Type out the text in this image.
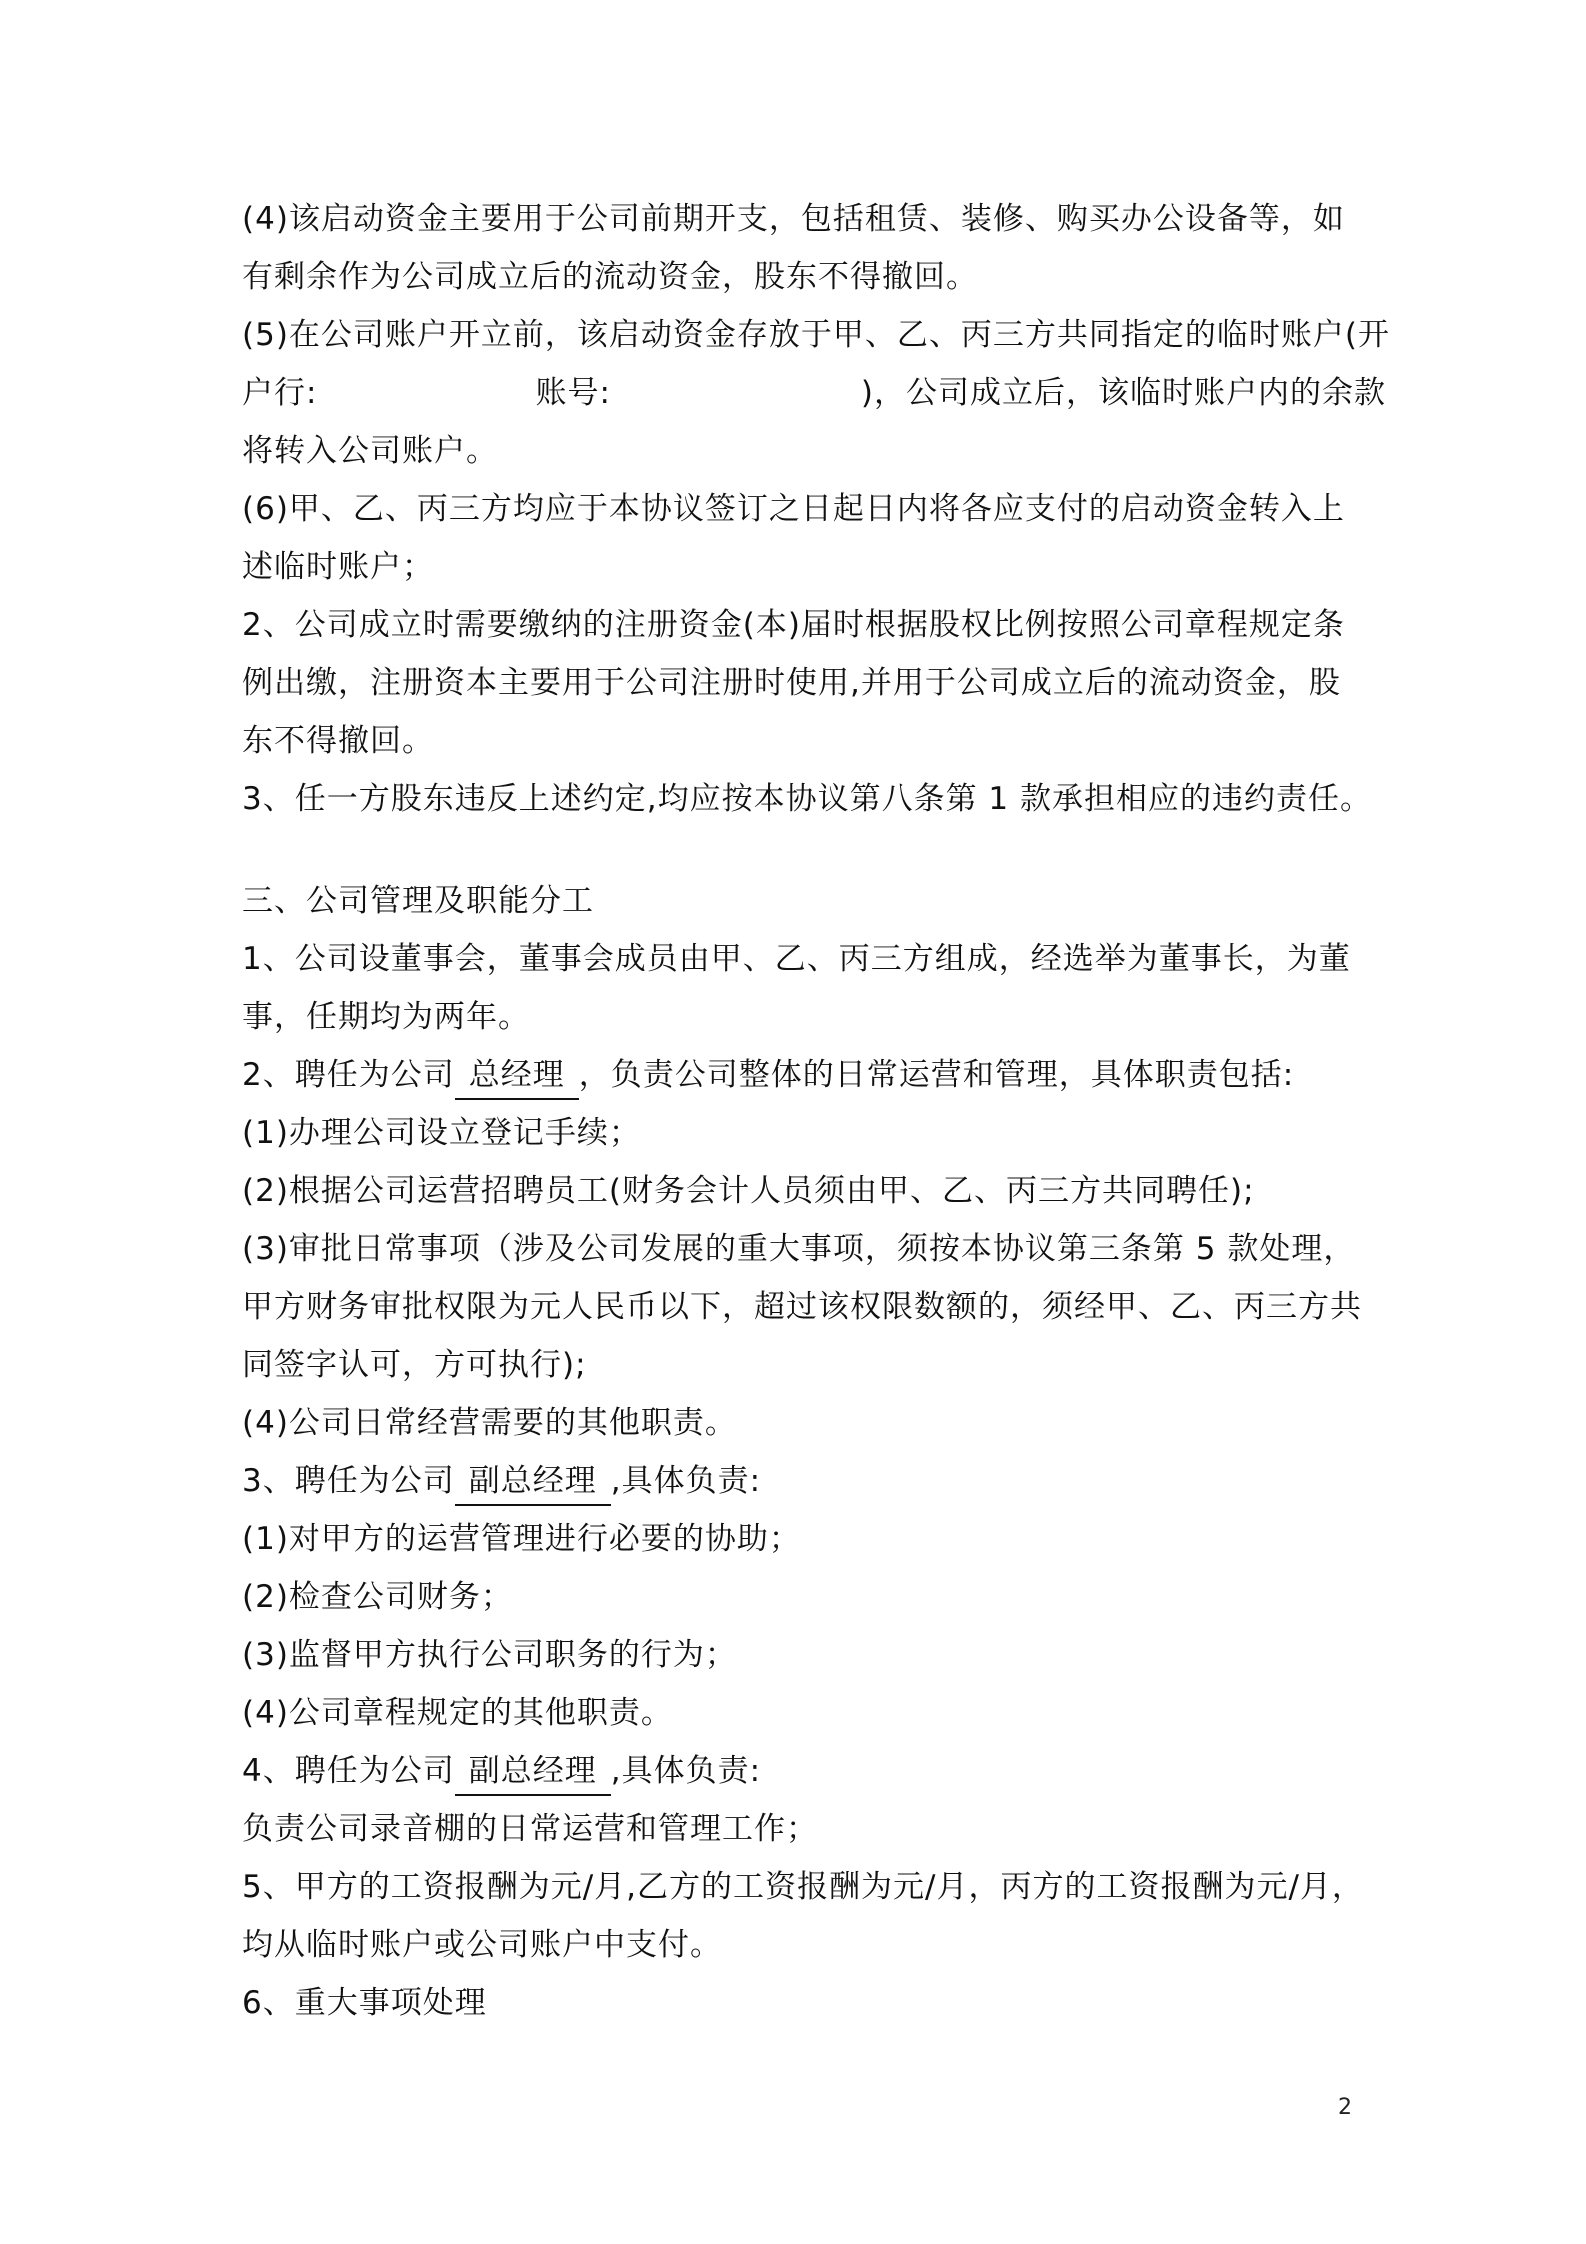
(4)该启动资金主要用于公司前期开支，包括租赁、装修、购买办公设备等，如
有剩余作为公司成立后的流动资金，股东不得撤回。
(5)在公司账户开立前，该启动资金存放于甲、乙、丙三方共同指定的临时账户(开
户行:	账号:	)，公司成立后，该临时账户内的余款
将转入公司账户。
(6)甲、乙、丙三方均应于本协议签订之日起日内将各应支付的启动资金转入上
述临时账户；
2、公司成立时需要缴纳的注册资金(本)届时根据股权比例按照公司章程规定条
例出缴，注册资本主要用于公司注册时使用,并用于公司成立后的流动资金，股
东不得撤回。
3、任一方股东违反上述约定,均应按本协议第八条第 1 款承担相应的违约责任。
三、公司管理及职能分工
1、公司设董事会，董事会成员由甲、乙、丙三方组成，经选举为董事长，为董
事，任期均为两年。
2、聘任为公司 总经理 ，负责公司整体的日常运营和管理，具体职责包括:
(1)办理公司设立登记手续；
(2)根据公司运营招聘员工(财务会计人员须由甲、乙、丙三方共同聘任);
(3)审批日常事项（涉及公司发展的重大事项，须按本协议第三条第 5 款处理，
甲方财务审批权限为元人民币以下，超过该权限数额的，须经甲、乙、丙三方共
同签字认可，方可执行);
(4)公司日常经营需要的其他职责。
3、聘任为公司 副总经理 ,具体负责:
(1)对甲方的运营管理进行必要的协助；
(2)检查公司财务；
(3)监督甲方执行公司职务的行为；
(4)公司章程规定的其他职责。
4、聘任为公司 副总经理 ,具体负责:
负责公司录音棚的日常运营和管理工作；
5、甲方的工资报酬为元/月,乙方的工资报酬为元/月，丙方的工资报酬为元/月，
均从临时账户或公司账户中支付。
6、重大事项处理
2
